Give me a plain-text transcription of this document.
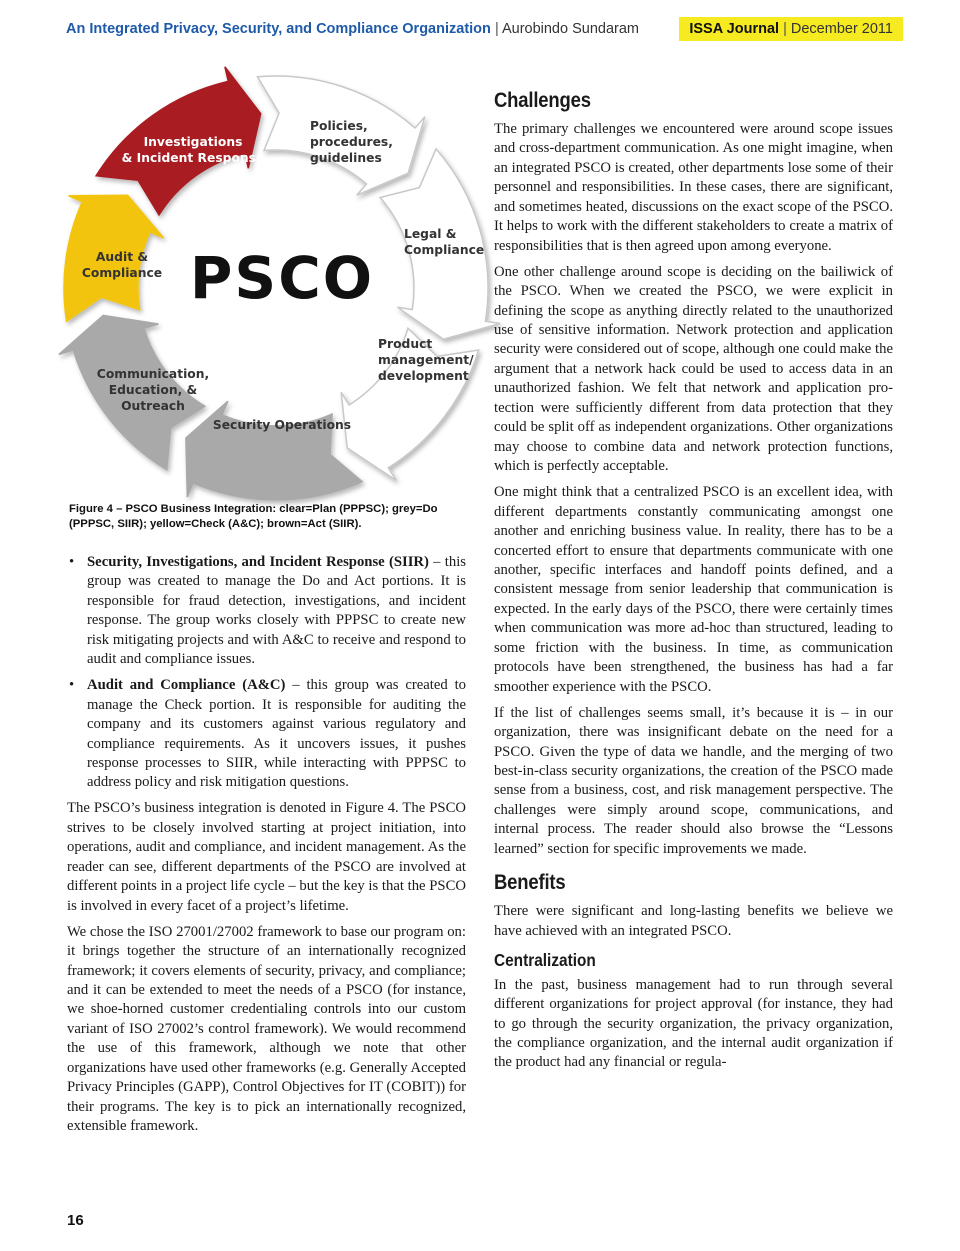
An Integrated Privacy, Security, and Compliance Organization | Aurobindo Sundaram	ISSA Journal | December 2011
PSCO
Policies, procedures, guidelines
Legal & Compliance
Product management/ development
Security Operations
Communication, Education, & Outreach
Audit & Compliance
Investigations & Incident Response

Figure 4 – PSCO Business Integration: clear=Plan (PPPSC); grey=Do (PPPSC, SIIR); yellow=Check (A&C); brown=Act (SIIR).

• Security, Investigations, and Incident Response (SIIR) – this group was created to manage the Do and Act portions. It is responsible for fraud detection, investigations, and incident response. The group works closely with PPPSC to create new risk mitigating projects and with A&C to receive and respond to audit and compliance issues.
• Audit and Compliance (A&C) – this group was created to manage the Check portion. It is responsible for auditing the company and its customers against various regulatory and compliance requirements. As it uncovers issues, it pushes response processes to SIIR, while interacting with PPPSC to address policy and risk mitigation questions.

The PSCO’s business integration is denoted in Figure 4. The PSCO strives to be closely involved starting at project initiation, into operations, audit and compliance, and incident management. As the reader can see, different departments of the PSCO are involved at different points in a project life cycle – but the key is that the PSCO is involved in every facet of a project’s lifetime.

We chose the ISO 27001/27002 framework to base our program on: it brings together the structure of an internationally recognized framework; it covers elements of security, privacy, and compliance; and it can be extended to meet the needs of a PSCO (for instance, we shoe-horned customer credentialing controls into our custom variant of ISO 27002’s control framework). We would recommend the use of this framework, although we note that other organizations have used other frameworks (e.g. Generally Accepted Privacy Principles (GAPP), Control Objectives for IT (COBIT)) for their programs. The key is to pick an internationally recognized, extensible framework.

Challenges

The primary challenges we encountered were around scope issues and cross-department communication. As one might imagine, when an integrated PSCO is created, other departments lose some of their personnel and responsibilities. In these cases, there are significant, and sometimes heated, discussions on the exact scope of the PSCO. It helps to work with the different stakeholders to create a matrix of responsibilities that is then agreed upon among everyone.

One other challenge around scope is deciding on the bailiwick of the PSCO. When we created the PSCO, we were explicit in defining the scope as anything directly related to the unauthorized use of sensitive information. Network protection and application security were considered out of scope, although one could make the argument that a network hack could be used to access data in an unauthorized fashion. We felt that network and application protection were sufficiently different from data protection that they could be split off as independent organizations. Other organizations may choose to combine data and network protection functions, which is perfectly acceptable.

One might think that a centralized PSCO is an excellent idea, with different departments constantly communicating amongst one another and enriching business value. In reality, there has to be a concerted effort to ensure that departments communicate with one another, specific interfaces and handoff points defined, and a consistent message from senior leadership that communication is expected. In the early days of the PSCO, there were certainly times when communication was more ad-hoc than structured, leading to some friction with the business. In time, as communication protocols have been strengthened, the business has had a far smoother experience with the PSCO.

If the list of challenges seems small, it’s because it is – in our organization, there was insignificant debate on the need for a PSCO. Given the type of data we handle, and the merging of two best-in-class security organizations, the creation of the PSCO made sense from a business, cost, and risk management perspective. The challenges were simply around scope, communications, and internal process. The reader should also browse the “Lessons learned” section for specific improvements we made.

Benefits

There were significant and long-lasting benefits we believe we have achieved with an integrated PSCO.

Centralization

In the past, business management had to run through several different organizations for project approval (for instance, they had to go through the security organization, the privacy organization, the compliance organization, and the internal audit organization if the product had any financial or regula-

16
